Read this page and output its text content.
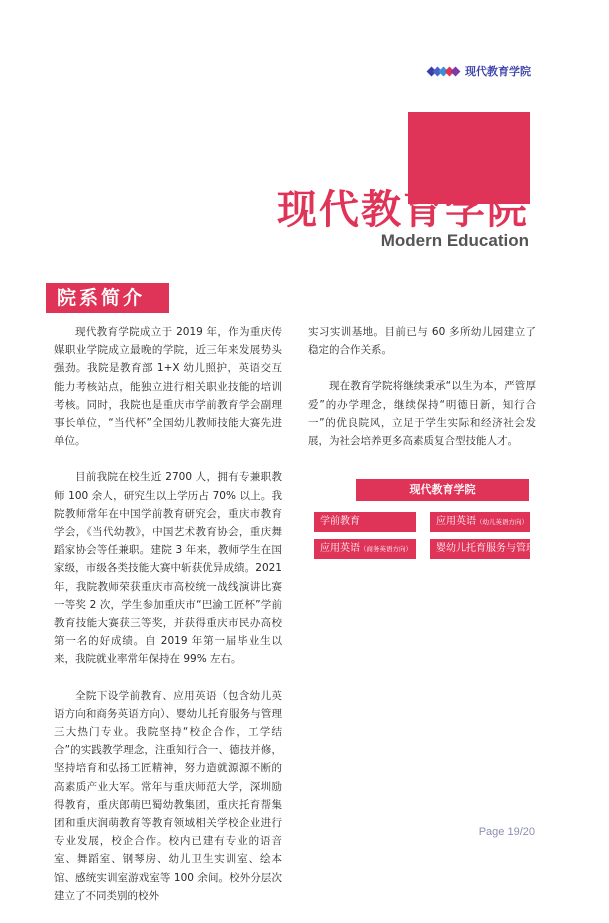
现代教育学院
现代教育学院
Modern Education
院系简介

现代教育学院成立于 2019 年，作为重庆传媒职业学院成立最晚的学院，近三年来发展势头强劲。我院是教育部 1+X 幼儿照护，英语交互能力考核站点，能独立进行相关职业技能的培训考核。同时，我院也是重庆市学前教育学会副理事长单位，“当代杯”全国幼儿教师技能大赛先进单位。

目前我院在校生近 2700 人，拥有专兼职教师 100 余人，研究生以上学历占 70% 以上。我院教师常年在中国学前教育研究会，重庆市教育学会，《当代幼教》，中国艺术教育协会，重庆舞蹈家协会等任兼职。建院 3 年来，教师学生在国家级，市级各类技能大赛中斩获优异成绩。2021 年，我院教师荣获重庆市高校统一战线演讲比赛一等奖 2 次，学生参加重庆市“巴渝工匠杯”学前教育技能大赛获三等奖，并获得重庆市民办高校第一名的好成绩。自 2019 年第一届毕业生以来，我院就业率常年保持在 99% 左右。

全院下设学前教育、应用英语（包含幼儿英语方向和商务英语方向）、婴幼儿托育服务与管理三大热门专业。我院坚持“校企合作，工学结合”的实践教学理念，注重知行合一、德技并修，坚持培育和弘扬工匠精神，努力造就源源不断的高素质产业大军。常年与重庆师范大学，深圳励得教育，重庆郎萌巴蜀幼教集团，重庆托育帮集团和重庆润萌教育等教育领域相关学校企业进行专业发展，校企合作。校内已建有专业的语音室、舞蹈室、钢琴房、幼儿卫生实训室、绘本馆、感统实训室游戏室等 100 余间。校外分层次建立了不同类别的校外

实习实训基地。目前已与 60 多所幼儿园建立了稳定的合作关系。

现在教育学院将继续秉承“以生为本，严管厚爱”的办学理念，继续保持“明德日新，知行合一”的优良院风，立足于学生实际和经济社会发展，为社会培养更多高素质复合型技能人才。

现代教育学院
学前教育	应用英语（幼儿英语方向）
应用英语（商务英语方向）	婴幼儿托育服务与管理
Page 19/20
